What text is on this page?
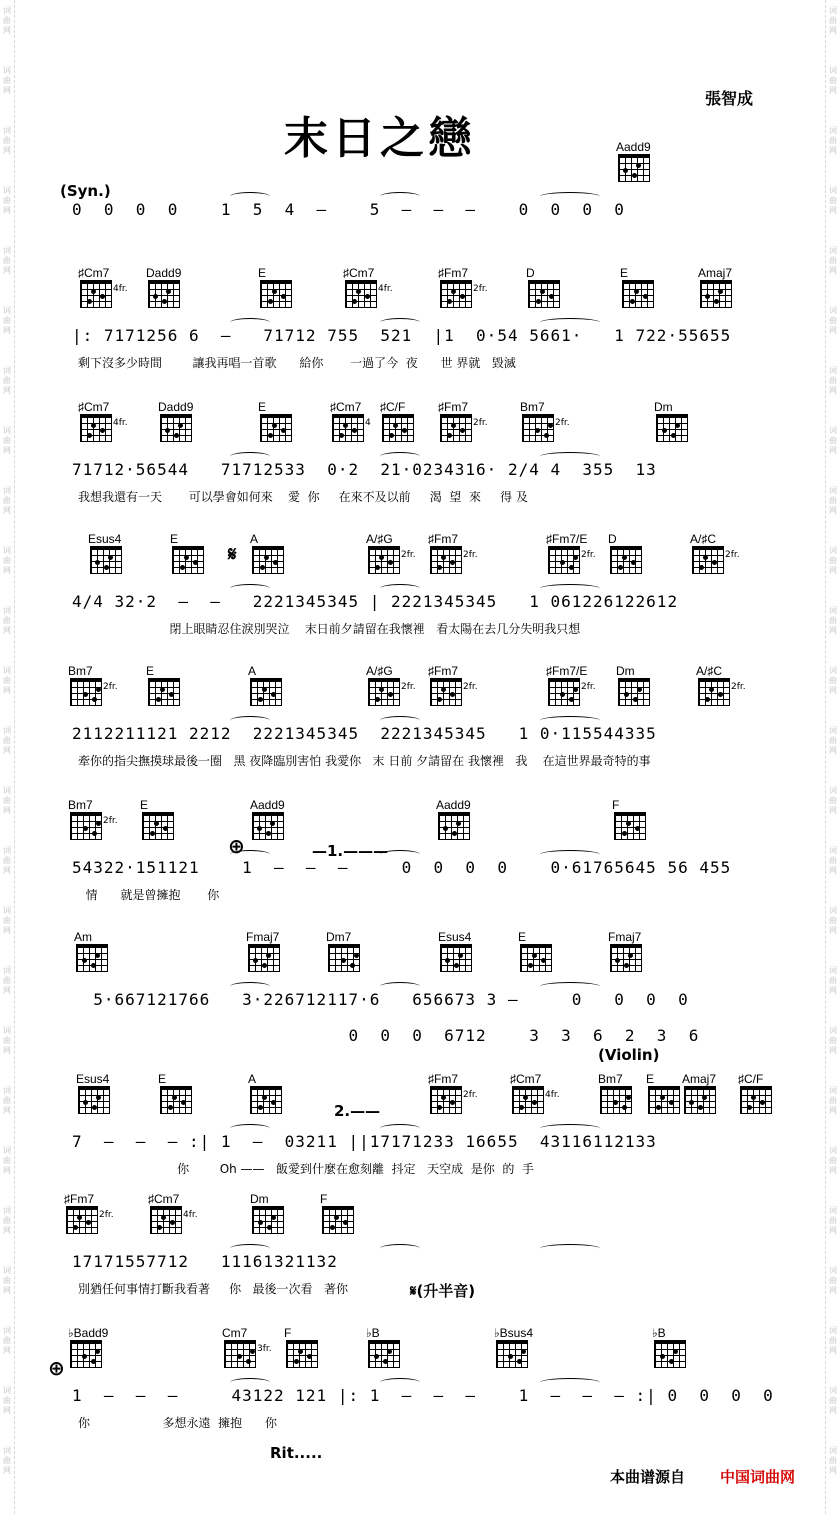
词
曲
网
词
曲
网
词
曲
网
词
曲
网
词
曲
网
词
曲
网
词
曲
网
词
曲
网
词
曲
网
词
曲
网
词
曲
网
词
曲
网
词
曲
网
词
曲
网
词
曲
网
词
曲
网
词
曲
网
词
曲
网
词
曲
网
词
曲
网
词
曲
网
词
曲
网
词
曲
网
词
曲
网
词
曲
网
词
曲
网
词
曲
网
词
曲
网
词
曲
网
词
曲
网
词
曲
网
词
曲
网
词
曲
网
词
曲
网
词
曲
网
词
曲
网
词
曲
网
词
曲
网
词
曲
网
词
曲
网
词
曲
网
词
曲
网
词
曲
网
词
曲
网
词
曲
网
词
曲
网
词
曲
网
词
曲
网
词
曲
网
词
曲
网
張智成
末日之戀	Aadd9
0  0  0  0    1  5  4  —    5  —  —  —    0  0  0  0
(Syn.)
♯Cm7
4fr.
Dadd9	E	♯Cm7
4fr.
♯Fm7
2fr.
D	E	Amaj7
|: 7171256 6  —   71712 755  521  |1  0·54 5661·   1 722·55655
剩下沒多少時間        讓我再唱一首歌      給你       一過了今  夜      世 界就   毀滅
♯Cm7
4fr.
Dadd9	E	♯Cm7
4
♯C/F	♯Fm7
2fr.
Bm7
2fr.
Dm
71712·56544   71712533  0·2  21·0234316· 2/4 4  355  13
我想我還有一天       可以學會如何來    愛  你     在來不及以前     渴  望  來     得 及
Esus4	E	A	A/♯G
2fr.
♯Fm7
2fr.
♯Fm7/E
2fr.
D	A/♯C
2fr.
4/4 32·2  —  —   2221345345 | 2221345345   1 061226122612
閉上眼睛忍住淚別哭泣    末日前夕請留在我懷裡   看太陽在去几分失明我只想
𝄋
Bm7
2fr.
E	A	A/♯G
2fr.
♯Fm7
2fr.
♯Fm7/E
2fr.
Dm	A/♯C
2fr.
2112211121 2212  2221345345  2221345345   1 0·115544335
牽你的指尖撫摸球最後一圈   黑 夜降臨別害怕 我愛你   末 日前 夕請留在 我懷裡   我    在這世界最奇特的事
Bm7
2fr.
E	Aadd9	Aadd9	F
54322·151121    1  —  —  —     0  0  0  0    0·61765645 56 455
情      就是曾擁抱       你
⊕	—1.———
Am	Fmaj7	Dm7	Esus4	E	Fmaj7
5·667121766   3·226712117·6   656673 3 —     0   0  0  0
0  0  0  6712    3  3  6  2  3  6
(Violin)
Esus4	E	A	♯Fm7
2fr.
♯Cm7
4fr.
Bm7 E Amaj7 ♯C/F
7  —  —  — :| 1  —  03211 ||17171233 16655  43116112133
你        Oh ——   飯愛到什麼在愈刻離  抖定   天空成  是你  的  手
2.——
♯Fm7
2fr.
♯Cm7
4fr.
Dm	F
17171557712   11161321132
別猶任何事情打斷我看著     你   最後一次看   著你	𝄋(升半音)
♭Badd9	Cm7
3fr.
F	♭B	♭Bsus4	♭B
1  —  —  —     43122 121 |: 1  —  —  —    1  —  —  — :| 0  0  0  0
你                   多想永遠  擁抱      你
⊕
Rit.....
本曲谱源自 中国词曲网
